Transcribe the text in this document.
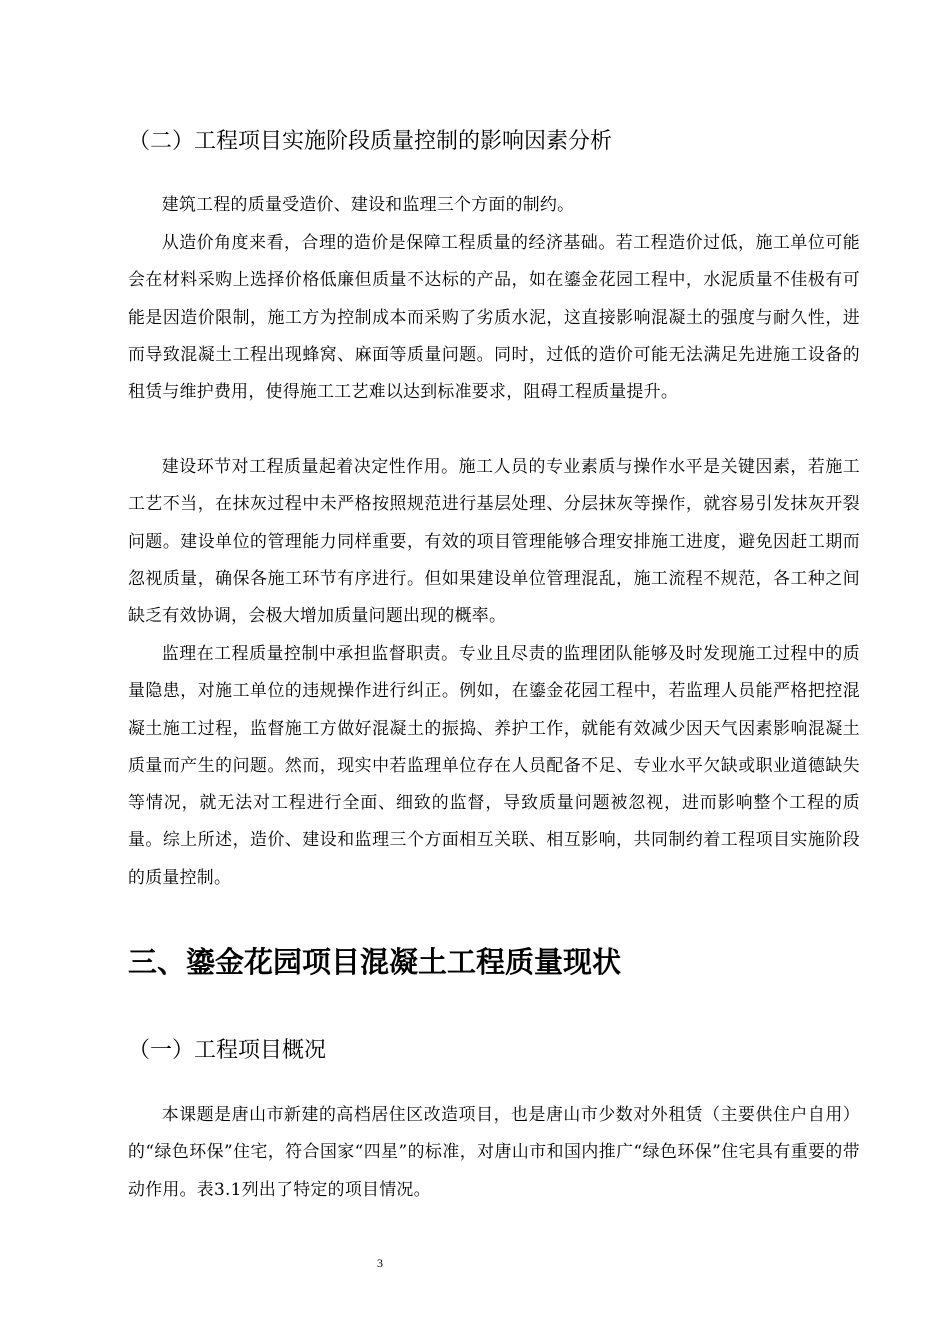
（二）工程项目实施阶段质量控制的影响因素分析

建筑工程的质量受造价、建设和监理三个方面的制约。

从造价角度来看，合理的造价是保障工程质量的经济基础。若工程造价过低，施工单位可能会在材料采购上选择价格低廉但质量不达标的产品，如在鎏金花园工程中，水泥质量不佳极有可能是因造价限制，施工方为控制成本而采购了劣质水泥，这直接影响混凝土的强度与耐久性，进而导致混凝土工程出现蜂窝、麻面等质量问题。同时，过低的造价可能无法满足先进施工设备的租赁与维护费用，使得施工工艺难以达到标准要求，阻碍工程质量提升。

建设环节对工程质量起着决定性作用。施工人员的专业素质与操作水平是关键因素，若施工工艺不当，在抹灰过程中未严格按照规范进行基层处理、分层抹灰等操作，就容易引发抹灰开裂问题。建设单位的管理能力同样重要，有效的项目管理能够合理安排施工进度，避免因赶工期而忽视质量，确保各施工环节有序进行。但如果建设单位管理混乱，施工流程不规范，各工种之间缺乏有效协调，会极大增加质量问题出现的概率。

监理在工程质量控制中承担监督职责。专业且尽责的监理团队能够及时发现施工过程中的质量隐患，对施工单位的违规操作进行纠正。例如，在鎏金花园工程中，若监理人员能严格把控混凝土施工过程，监督施工方做好混凝土的振捣、养护工作，就能有效减少因天气因素影响混凝土质量而产生的问题。然而，现实中若监理单位存在人员配备不足、专业水平欠缺或职业道德缺失等情况，就无法对工程进行全面、细致的监督，导致质量问题被忽视，进而影响整个工程的质量。综上所述，造价、建设和监理三个方面相互关联、相互影响，共同制约着工程项目实施阶段的质量控制。

三、鎏金花园项目混凝土工程质量现状
（一）工程项目概况

本课题是唐山市新建的高档居住区改造项目，也是唐山市少数对外租赁（主要供住户自用）的“绿色环保”住宅，符合国家“四星”的标准，对唐山市和国内推广“绿色环保”住宅具有重要的带动作用。表3.1列出了特定的项目情况。

3
